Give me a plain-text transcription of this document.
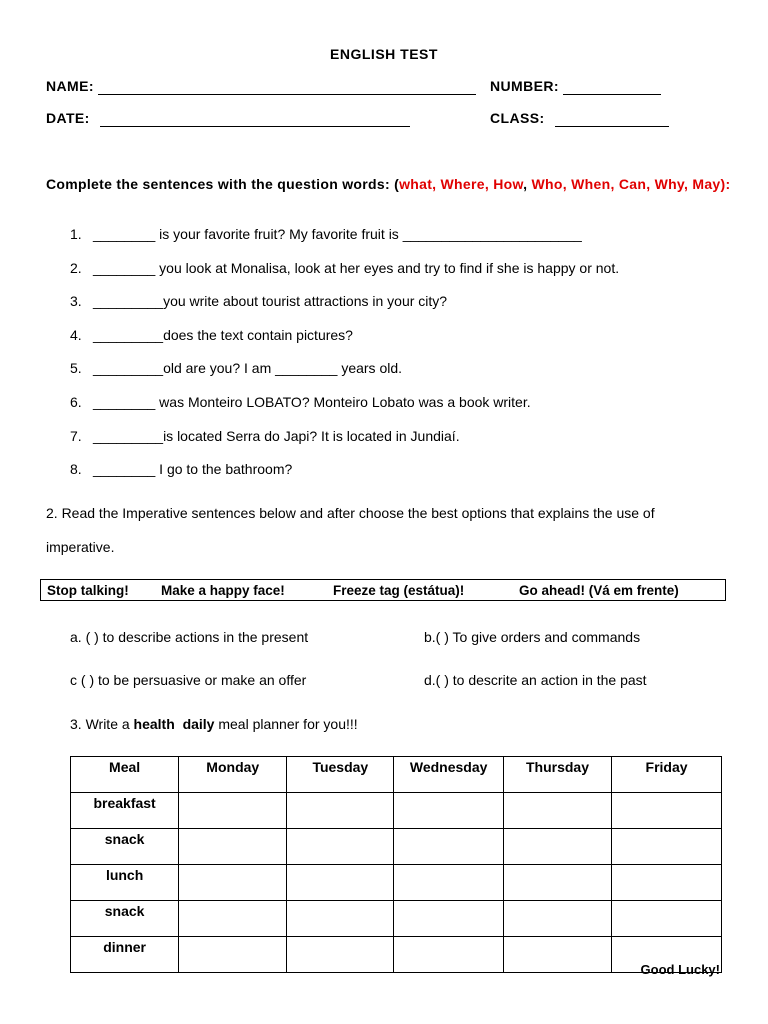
ENGLISH TEST
NAME:	NUMBER:
DATE:	CLASS:
Complete the sentences with the question words: (what, Where, How, Who, When, Can, Why, May):
1. ________ is your favorite fruit? My favorite fruit is _______________________
2. ________ you look at Monalisa, look at her eyes and try to find if she is happy or not.
3. _________you write about tourist attractions in your city?
4. _________does the text contain pictures?
5. _________old are you? I am ________ years old.
6. ________ was Monteiro LOBATO? Monteiro Lobato was a book writer.
7. _________is located Serra do Japi? It is located in Jundiaí.
8. ________ I go to the bathroom?
2. Read the Imperative sentences below and after choose the best options that explains the use of
imperative.
Stop talking! Make a happy face!	Freeze tag (estátua)!	Go ahead! (Vá em frente)
a. ( ) to describe actions in the present	b.( ) To give orders and commands
c ( ) to be persuasive or make an offer	d.( ) to descrite an action in the past
3. Write a health daily meal planner for you!!!
Meal	Monday	Tuesday	Wednesday	Thursday	Friday
breakfast					
snack					
lunch					
snack					
dinner					
Good Lucky!
